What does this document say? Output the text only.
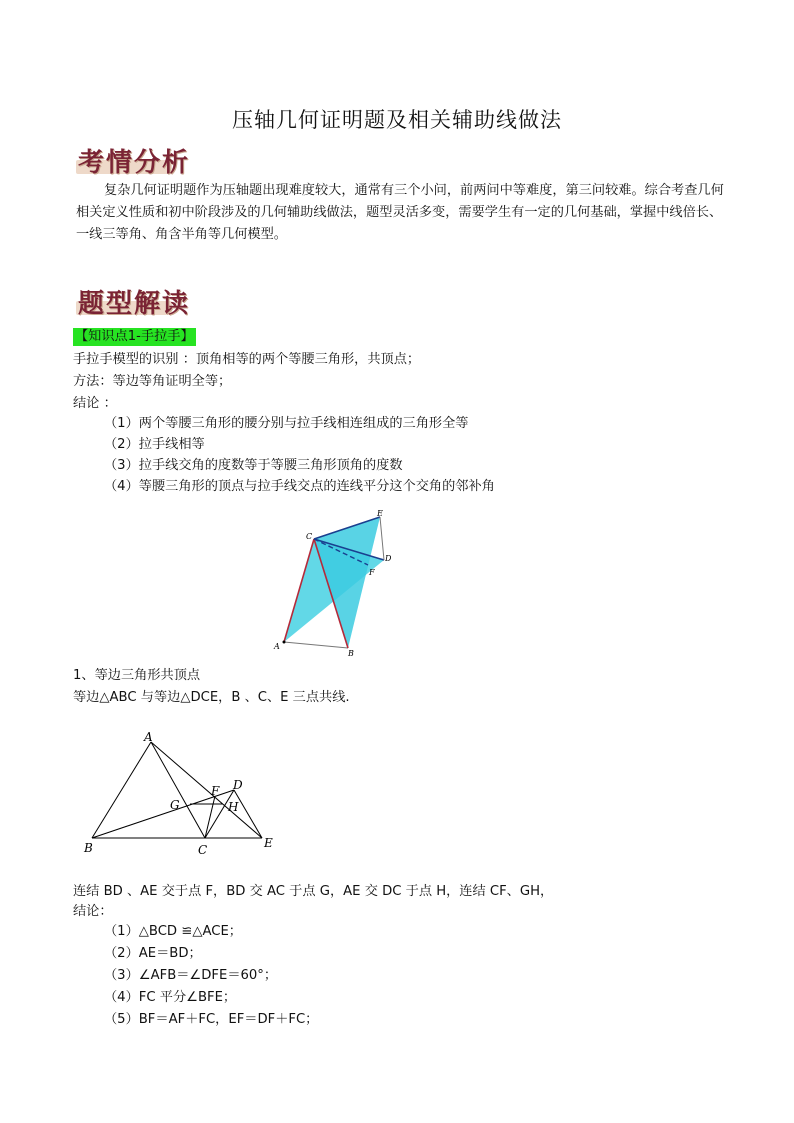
压轴几何证明题及相关辅助线做法
考情分析
复杂几何证明题作为压轴题出现难度较大，通常有三个小问，前两问中等难度，第三问较难。综合考查几何相关定义性质和初中阶段涉及的几何辅助线做法，题型灵活多变，需要学生有一定的几何基础，掌握中线倍长、一线三等角、角含半角等几何模型。
题型解读
【知识点1-手拉手】
手拉手模型的识别 ：顶角相等的两个等腰三角形，共顶点；
方法：等边等角证明全等；
结论 ：
（1）两个等腰三角形的腰分别与拉手线相连组成的三角形全等
（2）拉手线相等
（3）拉手线交角的度数等于等腰三角形顶角的度数
（4）等腰三角形的顶点与拉手线交点的连线平分这个交角的邻补角
C
E
D
F
A
B
1、等边三角形共顶点
等边△ABC 与等边△DCE，B 、C、E 三点共线.
A
B	C
D
E
F
G	H
连结 BD 、AE 交于点 F，BD 交 AC 于点 G，AE 交 DC 于点 H，连结 CF、GH，
结论：
（1）△BCD ≌△ACE；
（2）AE＝BD；
（3）∠AFB＝∠DFE＝60°；
（4）FC 平分∠BFE；
（5）BF＝AF＋FC，EF＝DF＋FC；
